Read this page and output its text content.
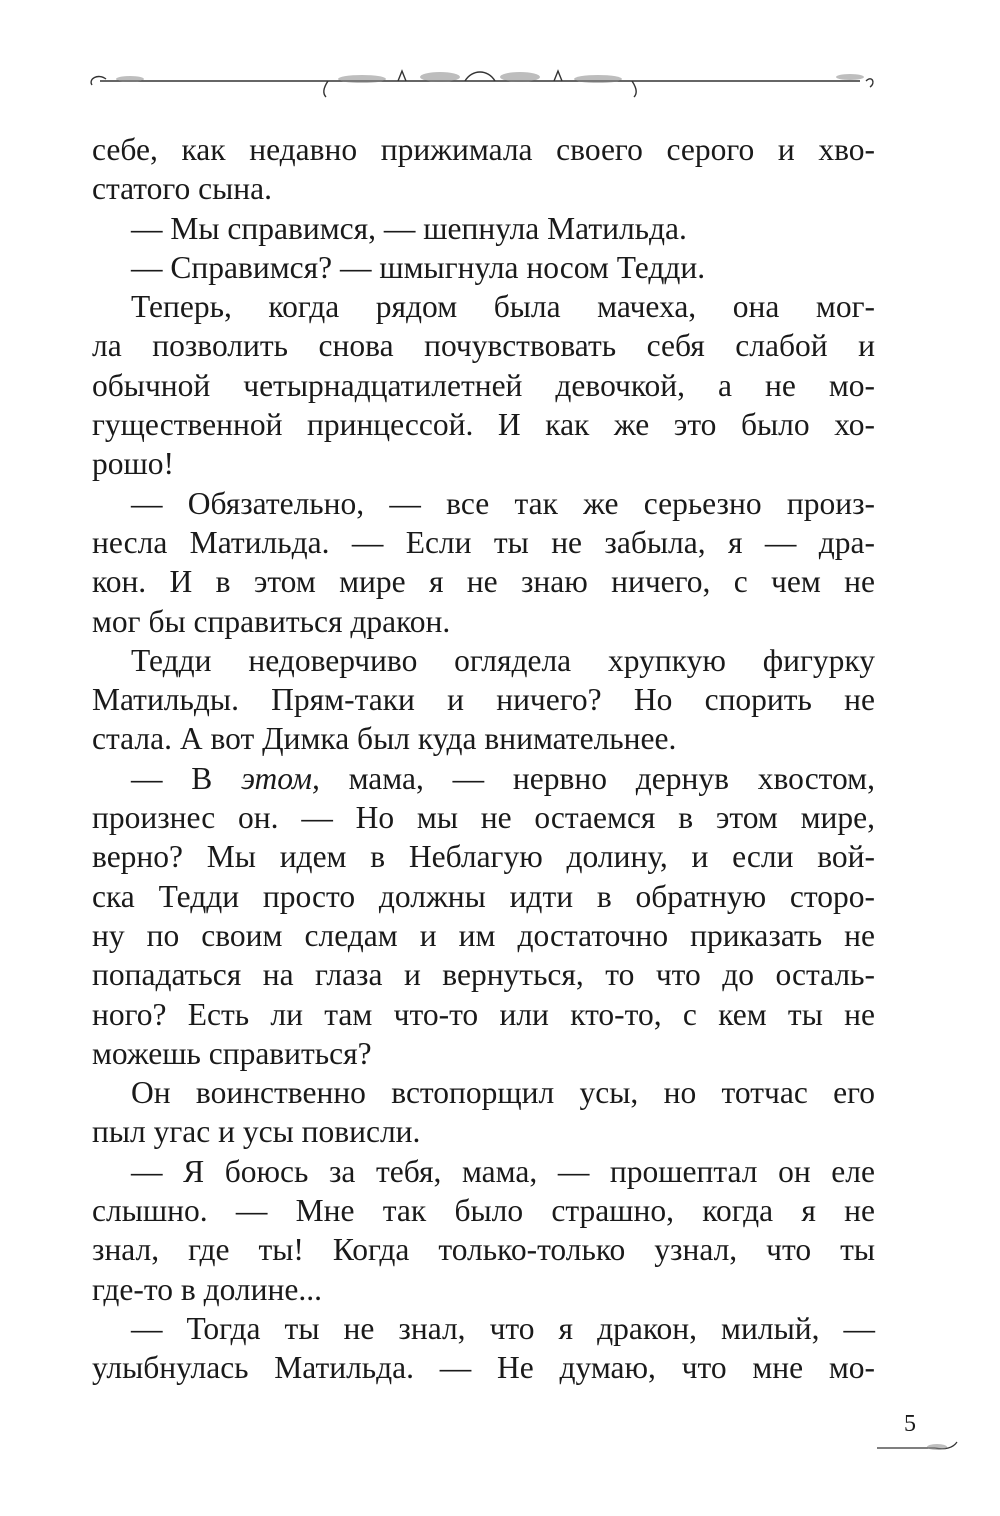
себе, как недавно прижимала своего серого и хво-
статого сына.
— Мы справимся, — шепнула Матильда.
— Справимся? — шмыгнула носом Тедди.
Теперь, когда рядом была мачеха, она мог-
ла позволить снова почувствовать себя слабой и
обычной четырнадцатилетней девочкой, а не мо-
гущественной принцессой. И как же это было хо-
рошо!
— Обязательно, — все так же серьезно произ-
несла Матильда. — Если ты не забыла, я — дра-
кон. И в этом мире я не знаю ничего, с чем не
мог бы справиться дракон.
Тедди недоверчиво оглядела хрупкую фигурку
Матильды. Прям-таки и ничего? Но спорить не
стала. А вот Димка был куда внимательнее.
— В этом, мама, — нервно дернув хвостом,
произнес он. — Но мы не остаемся в этом мире,
верно? Мы идем в Неблагую долину, и если вой-
ска Тедди просто должны идти в обратную сторо-
ну по своим следам и им достаточно приказать не
попадаться на глаза и вернуться, то что до осталь-
ного? Есть ли там что-то или кто-то, с кем ты не
можешь справиться?
Он воинственно встопорщил усы, но тотчас его
пыл угас и усы повисли.
— Я боюсь за тебя, мама, — прошептал он еле
слышно. — Мне так было страшно, когда я не
знал, где ты! Когда только-только узнал, что ты
где-то в долине...
— Тогда ты не знал, что я дракон, милый, —
улыбнулась Матильда. — Не думаю, что мне мо-
5
